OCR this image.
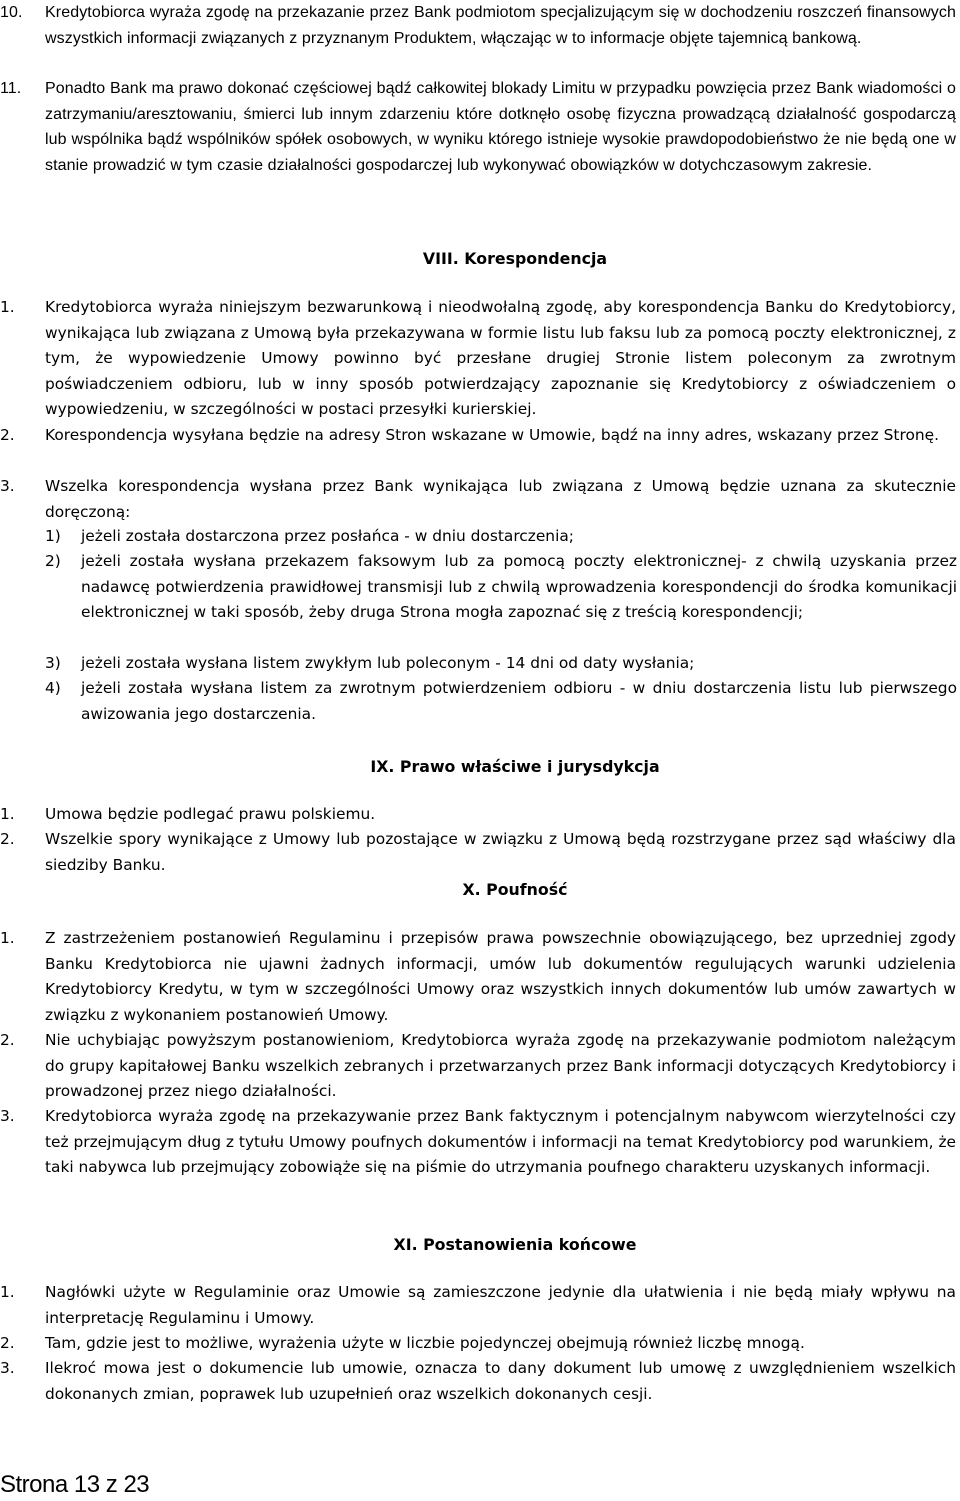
10.	Kredytobiorca wyraża zgodę na przekazanie przez Bank podmiotom specjalizującym się w dochodzeniu roszczeń finansowych wszystkich informacji związanych z przyznanym Produktem, włączając w to informacje objęte tajemnicą bankową.
11.	Ponadto Bank ma prawo dokonać częściowej bądź całkowitej blokady Limitu w przypadku powzięcia przez Bank wiadomości o zatrzymaniu/aresztowaniu, śmierci lub innym zdarzeniu które dotknęło osobę fizyczna prowadzącą działalność gospodarczą lub wspólnika bądź wspólników spółek osobowych, w wyniku którego istnieje wysokie prawdopodobieństwo że nie będą one w stanie prowadzić w tym czasie działalności gospodarczej lub wykonywać obowiązków w dotychczasowym zakresie.
VIII. Korespondencja
1.	Kredytobiorca wyraża niniejszym bezwarunkową i nieodwołalną zgodę, aby korespondencja Banku do Kredytobiorcy, wynikająca lub związana z Umową była przekazywana w formie listu lub faksu lub za pomocą poczty elektronicznej, z tym, że wypowiedzenie Umowy powinno być przesłane drugiej Stronie listem poleconym za zwrotnym poświadczeniem odbioru, lub w inny sposób potwierdzający zapoznanie się Kredytobiorcy z oświadczeniem o wypowiedzeniu, w szczególności w postaci przesyłki kurierskiej.
2.	Korespondencja wysyłana będzie na adresy Stron wskazane w Umowie, bądź na inny adres, wskazany przez Stronę.
3.	Wszelka korespondencja wysłana przez Bank wynikająca lub związana z Umową będzie uznana za skutecznie doręczoną:
1)	jeżeli została dostarczona przez posłańca - w dniu dostarczenia;
2)	jeżeli została wysłana przekazem faksowym lub za pomocą poczty elektronicznej- z chwilą uzyskania przez nadawcę potwierdzenia prawidłowej transmisji lub z chwilą wprowadzenia korespondencji do środka komunikacji elektronicznej w taki sposób, żeby druga Strona mogła zapoznać się z treścią korespondencji;
3)	jeżeli została wysłana listem zwykłym lub poleconym - 14 dni od daty wysłania;
4)	jeżeli została wysłana listem za zwrotnym potwierdzeniem odbioru - w dniu dostarczenia listu lub pierwszego awizowania jego dostarczenia.
IX. Prawo właściwe i jurysdykcja
1.	Umowa będzie podlegać prawu polskiemu.
2.	Wszelkie spory wynikające z Umowy lub pozostające w związku z Umową będą rozstrzygane przez sąd właściwy dla siedziby Banku.
X. Poufność
1.	Z zastrzeżeniem postanowień Regulaminu i przepisów prawa powszechnie obowiązującego, bez uprzedniej zgody Banku Kredytobiorca nie ujawni żadnych informacji, umów lub dokumentów regulujących warunki udzielenia Kredytobiorcy Kredytu, w tym w szczególności Umowy oraz wszystkich innych dokumentów lub umów zawartych w związku z wykonaniem postanowień Umowy.
2.	Nie uchybiając powyższym postanowieniom, Kredytobiorca wyraża zgodę na przekazywanie podmiotom należącym do grupy kapitałowej Banku wszelkich zebranych i przetwarzanych przez Bank informacji dotyczących Kredytobiorcy i prowadzonej przez niego działalności.
3.	Kredytobiorca wyraża zgodę na przekazywanie przez Bank faktycznym i potencjalnym nabywcom wierzytelności czy też przejmującym dług z tytułu Umowy poufnych dokumentów i informacji na temat Kredytobiorcy pod warunkiem, że taki nabywca lub przejmujący zobowiąże się na piśmie do utrzymania poufnego charakteru uzyskanych informacji.
XI. Postanowienia końcowe
1.	Nagłówki użyte w Regulaminie oraz Umowie są zamieszczone jedynie dla ułatwienia i nie będą miały wpływu na interpretację Regulaminu i Umowy.
2.	Tam, gdzie jest to możliwe, wyrażenia użyte w liczbie pojedynczej obejmują również liczbę mnogą.
3.	Ilekroć mowa jest o dokumencie lub umowie, oznacza to dany dokument lub umowę z uwzględnieniem wszelkich dokonanych zmian, poprawek lub uzupełnień oraz wszelkich dokonanych cesji.
Strona 13 z 23
